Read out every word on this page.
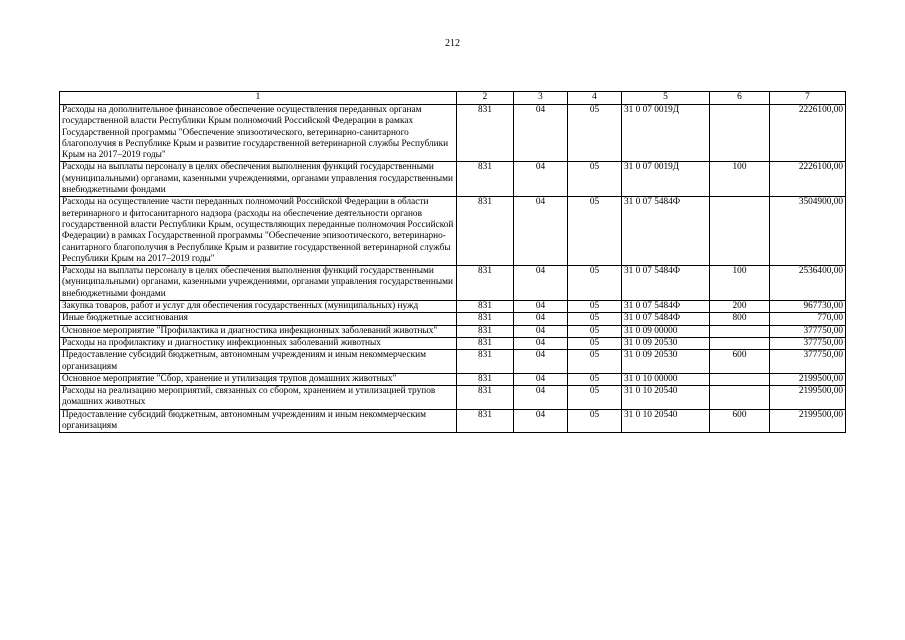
212
1	2	3	4	5	6	7
Расходы на дополнительное финансовое обеспечение осуществления переданных органам государственной власти Республики Крым полномочий Российской Федерации в рамках Государственной программы "Обеспечение эпизоотического, ветеринарно-санитарного благополучия в Республике Крым и развитие государственной ветеринарной службы Республики Крым на 2017–2019 годы"	831	04	05	31 0 07 0019Д		2226100,00
Расходы на выплаты персоналу в целях обеспечения выполнения функций государственными (муниципальными) органами, казенными учреждениями, органами управления государственными внебюджетными фондами	831	04	05	31 0 07 0019Д	100	2226100,00
Расходы на осуществление части переданных полномочий Российской Федерации в области ветеринарного и фитосанитарного надзора (расходы на обеспечение деятельности органов государственной власти Республики Крым, осуществляющих переданные полномочия Российской Федерации) в рамках Государственной программы "Обеспечение эпизоотического, ветеринарно-санитарного благополучия в Республике Крым и развитие государственной ветеринарной службы Республики Крым на 2017–2019 годы"	831	04	05	31 0 07 5484Ф		3504900,00
Расходы на выплаты персоналу в целях обеспечения выполнения функций государственными (муниципальными) органами, казенными учреждениями, органами управления государственными внебюджетными фондами	831	04	05	31 0 07 5484Ф	100	2536400,00
Закупка товаров, работ и услуг для обеспечения государственных (муниципальных) нужд	831	04	05	31 0 07 5484Ф	200	967730,00
Иные бюджетные ассигнования	831	04	05	31 0 07 5484Ф	800	770,00
Основное мероприятие "Профилактика и диагностика инфекционных заболеваний животных"	831	04	05	31 0 09 00000		377750,00
Расходы на профилактику и диагностику инфекционных заболеваний животных	831	04	05	31 0 09 20530		377750,00
Предоставление субсидий бюджетным, автономным учреждениям и иным некоммерческим организациям	831	04	05	31 0 09 20530	600	377750,00
Основное мероприятие "Сбор, хранение и утилизация трупов домашних животных"	831	04	05	31 0 10 00000		2199500,00
Расходы на реализацию мероприятий, связанных со сбором, хранением и утилизацией трупов домашних животных	831	04	05	31 0 10 20540		2199500,00
Предоставление субсидий бюджетным, автономным учреждениям и иным некоммерческим организациям	831	04	05	31 0 10 20540	600	2199500,00
